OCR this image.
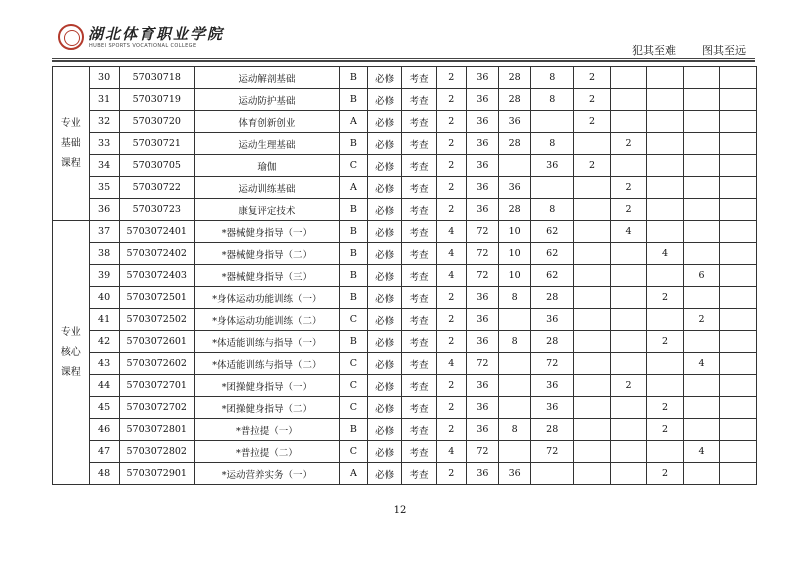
湖北体育职业学院
HUBEI SPORTS VOCATIONAL COLLEGE	犯其至难 图其至远
专业
基础
课程	30	57030718	运动解剖基础	B	必修	考查	2	36	28	8	2				
	31	57030719	运动防护基础	B	必修	考查	2	36	28	8	2				
	32	57030720	体育创新创业	A	必修	考查	2	36	36		2				
	33	57030721	运动生理基础	B	必修	考查	2	36	28	8		2			
	34	57030705	瑜伽	C	必修	考查	2	36		36	2				
	35	57030722	运动训练基础	A	必修	考查	2	36	36			2			
	36	57030723	康复评定技术	B	必修	考查	2	36	28	8		2			
专业
核心
课程	37	5703072401	*器械健身指导（一）	B	必修	考查	4	72	10	62		4			
	38	5703072402	*器械健身指导（二）	B	必修	考查	4	72	10	62			4		
	39	5703072403	*器械健身指导（三）	B	必修	考查	4	72	10	62				6	
	40	5703072501	*身体运动功能训练（一）	B	必修	考查	2	36	8	28			2		
	41	5703072502	*身体运动功能训练（二）	C	必修	考查	2	36		36				2	
	42	5703072601	*体适能训练与指导（一）	B	必修	考查	2	36	8	28			2		
	43	5703072602	*体适能训练与指导（二）	C	必修	考查	4	72		72				4	
	44	5703072701	*团操健身指导（一）	C	必修	考查	2	36		36		2			
	45	5703072702	*团操健身指导（二）	C	必修	考查	2	36		36			2		
	46	5703072801	*普拉提（一）	B	必修	考查	2	36	8	28			2		
	47	5703072802	*普拉提（二）	C	必修	考查	4	72		72				4	
	48	5703072901	*运动营养实务（一）	A	必修	考查	2	36	36				2		
12
